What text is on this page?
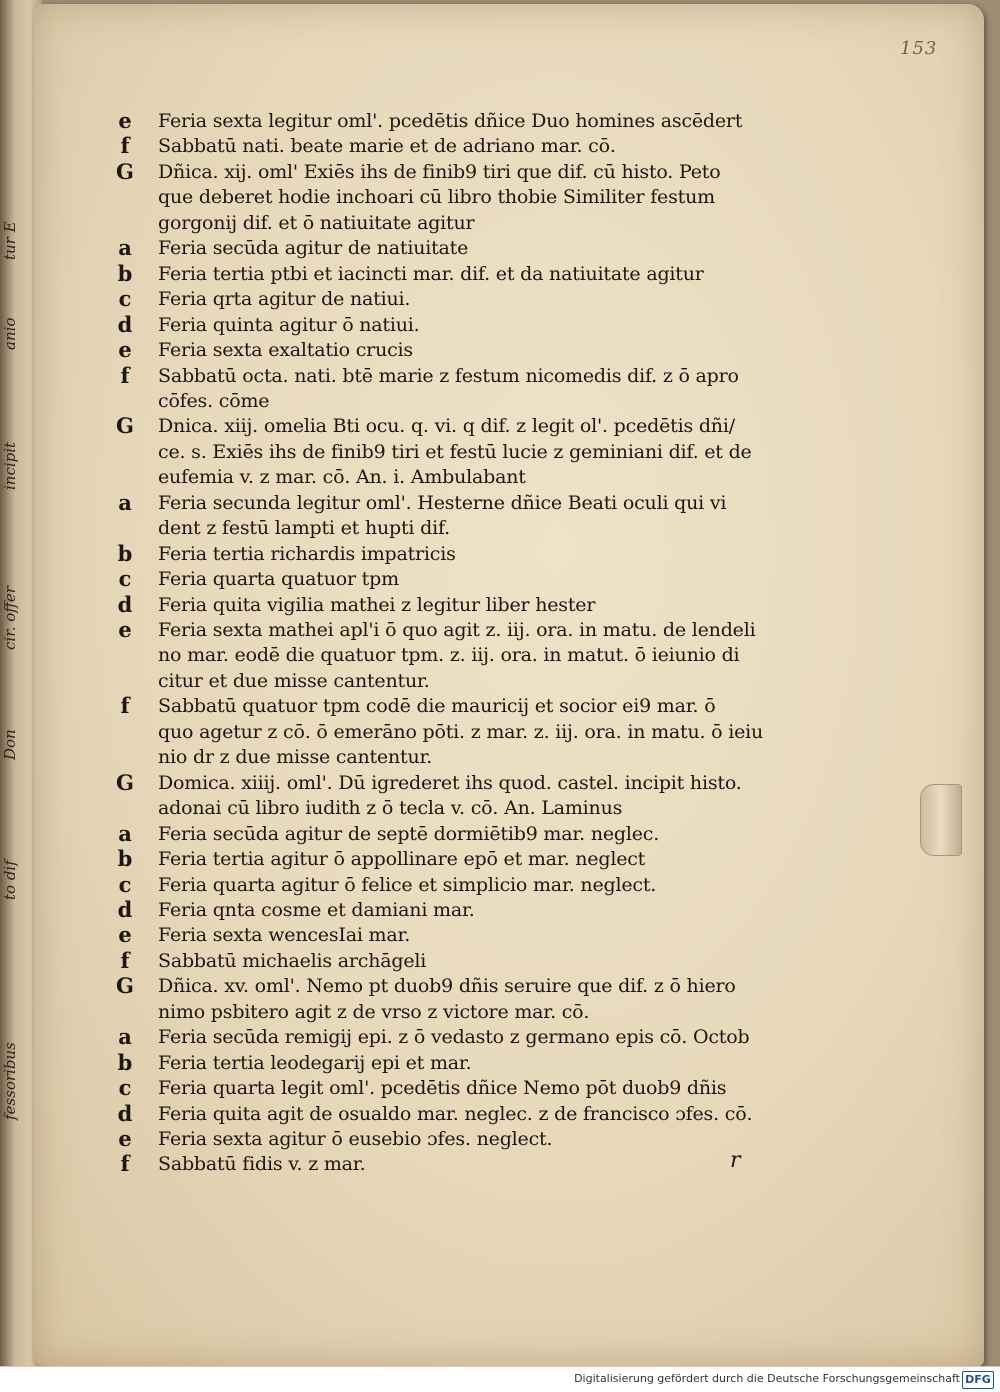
tur E
anio
incipit
cir. offer
Don
to dif
fessoribus
153
e	Feria sexta legitur oml'. pcedētis dñice Duo homines ascēdert
f	Sabbatū nati. beate marie et de adriano mar. cō.
G	Dñica. xij. oml' Exiēs ihs de finib9 tiri que dif. cū histo. Peto
que deberet hodie inchoari cū libro thobie Similiter festum
gorgonij dif. et ō natiuitate agitur
a	Feria secūda agitur de natiuitate
b	Feria tertia ptbi et iacincti mar. dif. et da natiuitate agitur
c	Feria qrta agitur de natiui.
d	Feria quinta agitur ō natiui.
e	Feria sexta exaltatio crucis
f	Sabbatū octa. nati. btē marie z festum nicomedis dif. z ō apro
cōfes. cōme
G	Dnica. xiij. omelia Bti ocu. q. vi. q dif. z legit ol'. pcedētis dñi/
ce. s. Exiēs ihs de finib9 tiri et festū lucie z geminiani dif. et de
eufemia v. z mar. cō. An. i. Ambulabant
a	Feria secunda legitur oml'. Hesterne dñice Beati oculi qui vi
dent z festū lampti et hupti dif.
b	Feria tertia richardis impatricis
c	Feria quarta quatuor tpm
d	Feria quita vigilia mathei z legitur liber hester
e	Feria sexta mathei apl'i ō quo agit z. iij. ora. in matu. de lendeli
no mar. eodē die quatuor tpm. z. iij. ora. in matut. ō ieiunio di
citur et due misse cantentur.
f	Sabbatū quatuor tpm codē die mauricij et socior ei9 mar. ō
quo agetur z cō. ō emerāno pōti. z mar. z. iij. ora. in matu. ō ieiu
nio dr z due misse cantentur.
G	Domica. xiiij. oml'. Dū igrederet ihs quod. castel. incipit histo.
adonai cū libro iudith z ō tecla v. cō. An. Laminus
a	Feria secūda agitur de septē dormiētib9 mar. neglec.
b	Feria tertia agitur ō appollinare epō et mar. neglect
c	Feria quarta agitur ō felice et simplicio mar. neglect.
d	Feria qnta cosme et damiani mar.
e	Feria sexta wencesIai mar.
f	Sabbatū michaelis archāgeli
G	Dñica. xv. oml'. Nemo pt duob9 dñis seruire que dif. z ō hiero
nimo psbitero agit z de vrso z victore mar. cō.
a	Feria secūda remigij epi. z ō vedasto z germano epis cō. Octob
b	Feria tertia leodegarij epi et mar.
c	Feria quarta legit oml'. pcedētis dñice Nemo pōt duob9 dñis
d	Feria quita agit de osualdo mar. neglec. z de francisco ɔfes. cō.
e	Feria sexta agitur ō eusebio ɔfes. neglect.
f	Sabbatū fidis v. z mar.	r
Digitalisierung gefördert durch die Deutsche Forschungsgemeinschaft DFG
